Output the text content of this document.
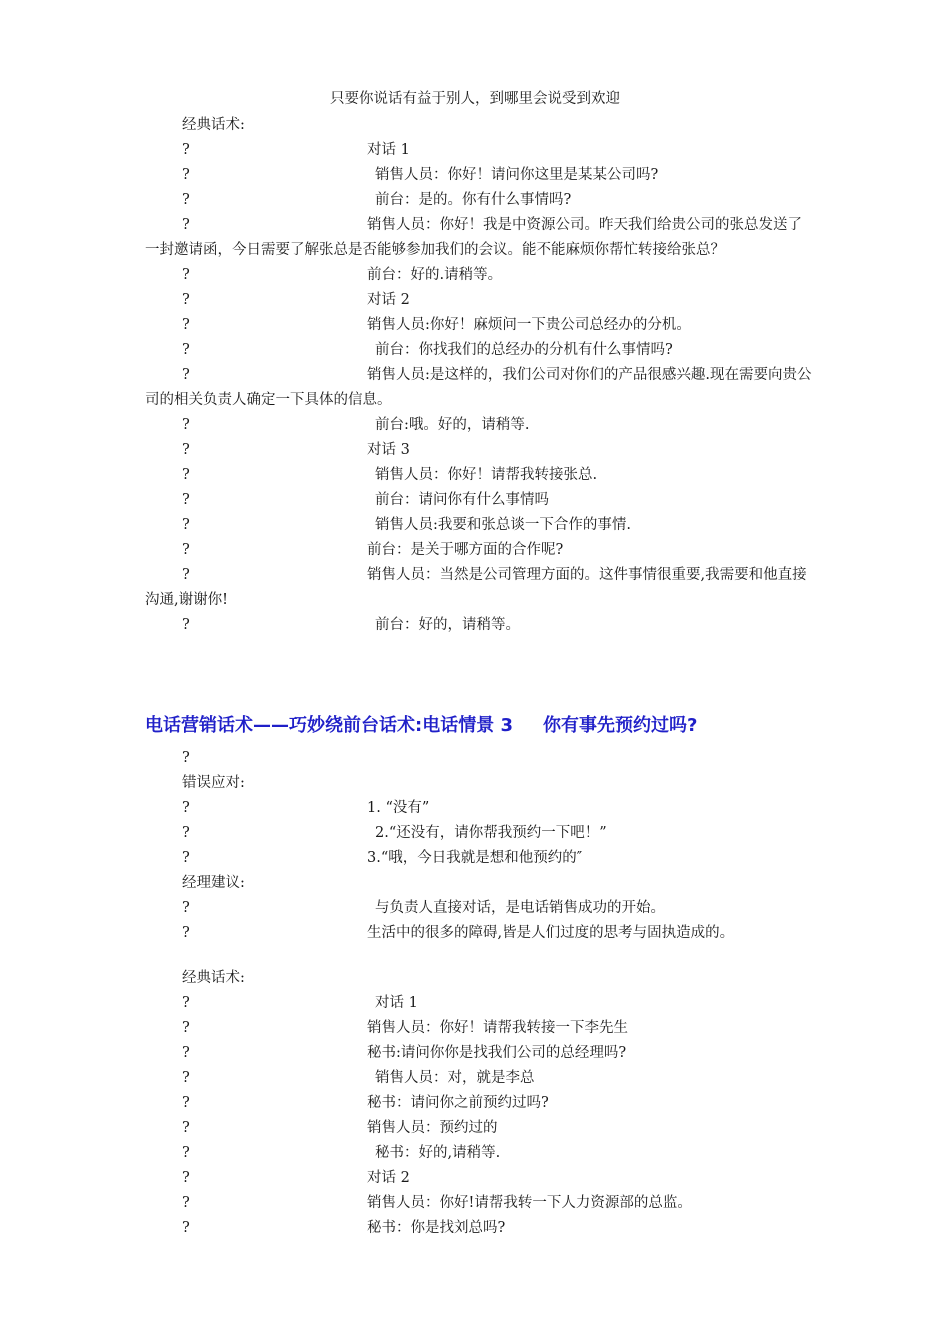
只要你说话有益于别人，到哪里会说受到欢迎
经典话术:
?	对话 1
?	销售人员：你好！请问你这里是某某公司吗?
?	前台：是的。你有什么事情吗?
?	销售人员：你好！我是中资源公司。昨天我们给贵公司的张总发送了一封邀请函，今日需要了解张总是否能够参加我们的会议。能不能麻烦你帮忙转接给张总？

?	前台：好的.请稍等。
?	对话 2
?	销售人员:你好！麻烦问一下贵公司总经办的分机。
?	前台：你找我们的总经办的分机有什么事情吗?
?	销售人员:是这样的，我们公司对你们的产品很感兴趣.现在需要向贵公司的相关负责人确定一下具体的信息。

?	前台:哦。好的，请稍等.
?	对话 3
?	销售人员：你好！请帮我转接张总.
?	前台：请问你有什么事情吗
?	销售人员:我要和张总谈一下合作的事情.
?	前台：是关于哪方面的合作呢?
?	销售人员：当然是公司管理方面的。这件事情很重要,我需要和他直接沟通,谢谢你!

?	前台：好的，请稍等。
电话营销话术——巧妙绕前台话术:电话情景 3 你有事先预约过吗?
?
错误应对:
?	1. “没有”
?	2.“还没有，请你帮我预约一下吧！”
?	3.“哦，今日我就是想和他预约的″
经理建议:
?	与负责人直接对话，是电话销售成功的开始。
?	生活中的很多的障碍,皆是人们过度的思考与固执造成的。
经典话术:
?	对话 1
?	销售人员：你好！请帮我转接一下李先生
?	秘书:请问你你是找我们公司的总经理吗?
?	销售人员：对，就是李总
?	秘书：请问你之前预约过吗?
?	销售人员：预约过的
?	秘书：好的,请稍等.
?	对话 2
?	销售人员：你好!请帮我转一下人力资源部的总监。
?	秘书：你是找刘总吗?
